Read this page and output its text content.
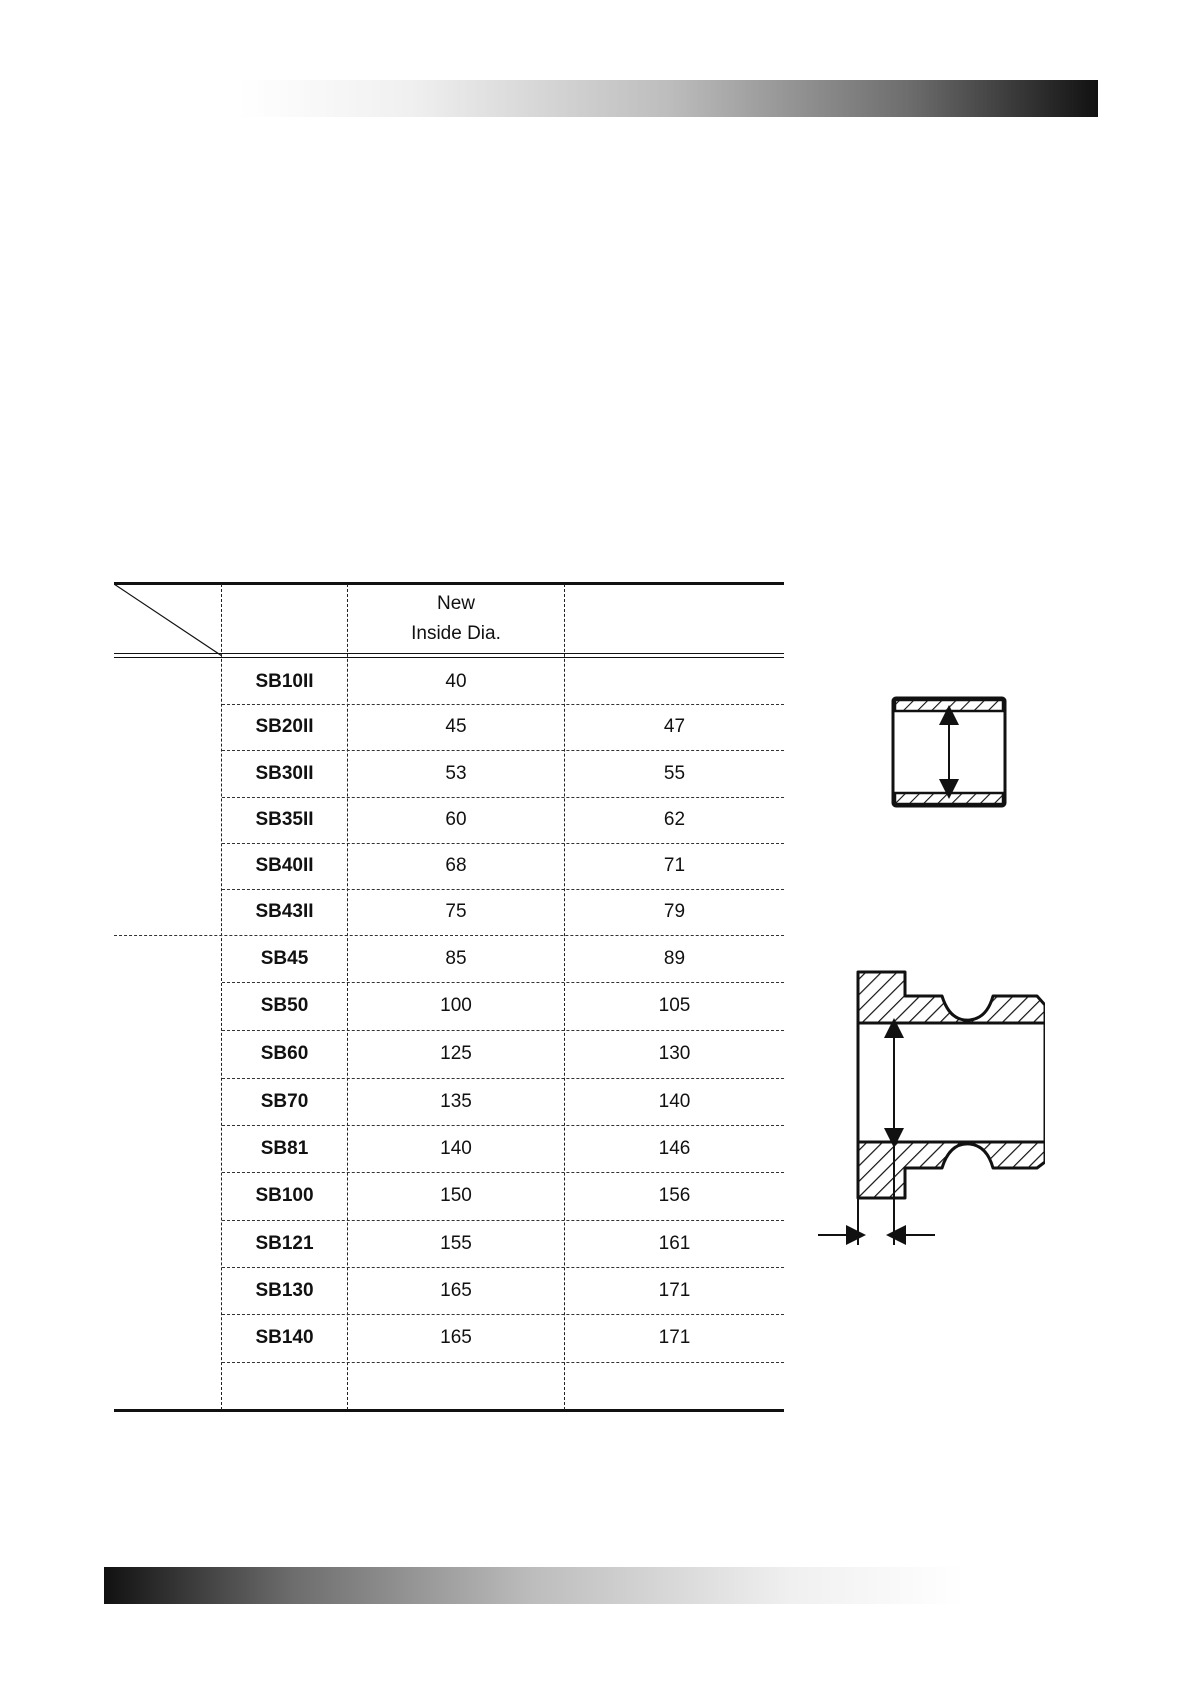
New
Inside Dia.
SB10II	40
SB20II	45	47
SB30II	53	55
SB35II	60	62
SB40II	68	71
SB43II	75	79
SB45	85	89
SB50	100	105
SB60	125	130
SB70	135	140
SB81	140	146
SB100	150	156
SB121	155	161
SB130	165	171
SB140	165	171
